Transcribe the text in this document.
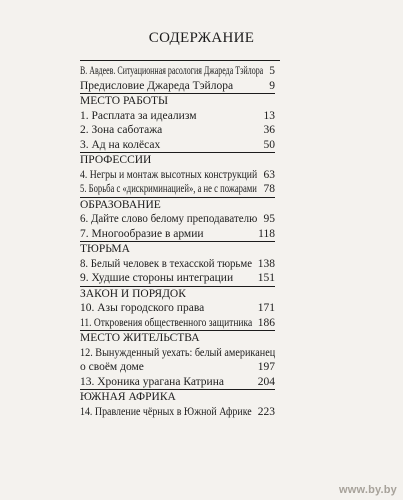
СОДЕРЖАНИЕ
В. Авдеев. Ситуационная расология Джареда Тэйлора 5
Предисловие Джареда Тэйлора	9
МЕСТО РАБОТЫ
1. Расплата за идеализм	13
2. Зона саботажа	36
3. Ад на колёсах	50
ПРОФЕССИИ
4. Негры и монтаж высотных конструкций 63
5. Борьба с «дискриминацией», а не с пожарами 78
ОБРАЗОВАНИЕ
6. Дайте слово белому преподавателю 95
7. Многообразие в армии	118
ТЮРЬМА
8. Белый человек в техасской тюрьме 138
9. Худшие стороны интеграции 151
ЗАКОН И ПОРЯДОК
10. Азы городского права	171
11. Откровения общественного защитника 186
МЕСТО ЖИТЕЛЬСТВА
12. Вынужденный уехать: белый американец
о своём доме	197
13. Хроника урагана Катрина	204
ЮЖНАЯ АФРИКА
14. Правление чёрных в Южной Африке 223
www.by.by
